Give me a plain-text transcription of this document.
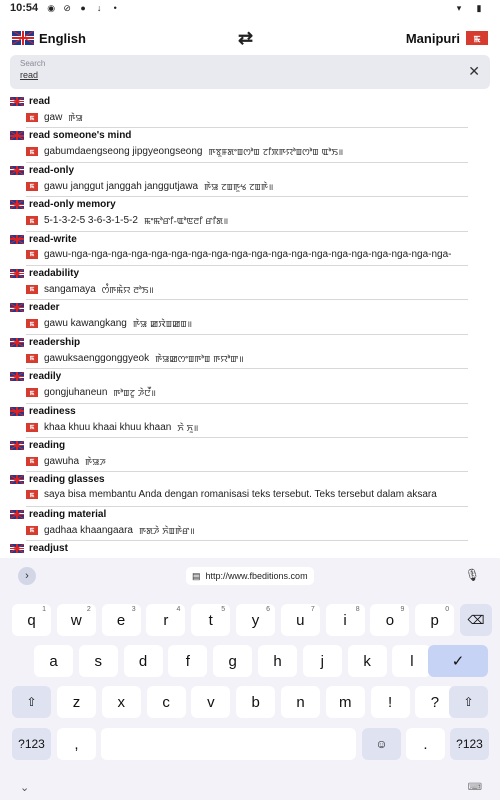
10:54 ◉ ⊘ ●	↓	•	▾	▮
English	⇄	Manipuri	ꯃ
Search
read	✕
read
ꯃ gaw ꯒꯥꯎ
read someone's mind
ꯃ gabumdaengseong jipgyeongseong ꯒꯕꯨꯝꯗꯦꯡꯁꯣꯡ ꯖꯤꯞꯒꯌꯣꯡꯁꯣꯡ ꯑꯣꯏ॥
read-only
ꯃ gawu janggut janggah janggutjawa ꯒꯥꯎ ꯖꯡꯒꯨꯠ ꯖꯡꯒꯥ॥
read-only memory
ꯃ 5-1-3-2-5 3-6-3-1-5-2 ꯃꯦꯃꯣꯔꯤ-ꯑꯣꯟꯂꯤ ꯔꯤꯗ॥
read-write
ꯃ gawu-nga-nga-nga-nga-nga-nga-nga-nga-nga-nga-nga-nga-nga-nga-nga-nga-nga-nga-nga-
readability
ꯃ sangamaya ꯁꯪꯒꯃꯥꯌ ꯂꯣꯏ॥
reader
ꯃ gawu kawangkang ꯒꯥꯎ ꯀꯋꯥꯡꯀꯡ॥
readership
ꯃ gawuksaenggonggyeok ꯒꯥꯎꯀꯁꯦꯡꯒꯣꯡ ꯒꯌꯣꯛ॥
readily
ꯃ gongjuhaneun ꯒꯣꯡꯖꯨ ꯍꯥꯅꯩ॥
readiness
ꯃ khaa khuu khaai khuu khaan ꯈꯥ ꯈꯨ॥
reading
ꯃ gawuha ꯒꯥꯎꯍ
reading glasses
ꯃ saya bisa membantu Anda dengan romanisasi teks tersebut. Teks tersebut dalam aksara
reading material
ꯃ gadhaa khaangaara ꯒꯗꯍꯥ ꯈꯥꯡꯒꯥꯔ॥
readjust
›	▤ http://www.fbeditions.com	🎙
q
1
w
2
e
3
r
4
t
5
y
6
u
7
i
8
o
9
p
0
⌫
a s d	f	g h	j	k	l	✓
⇧ z x c v b n m !	? ⇧
?123 ,	☺ . ?123
⌄	⌨
